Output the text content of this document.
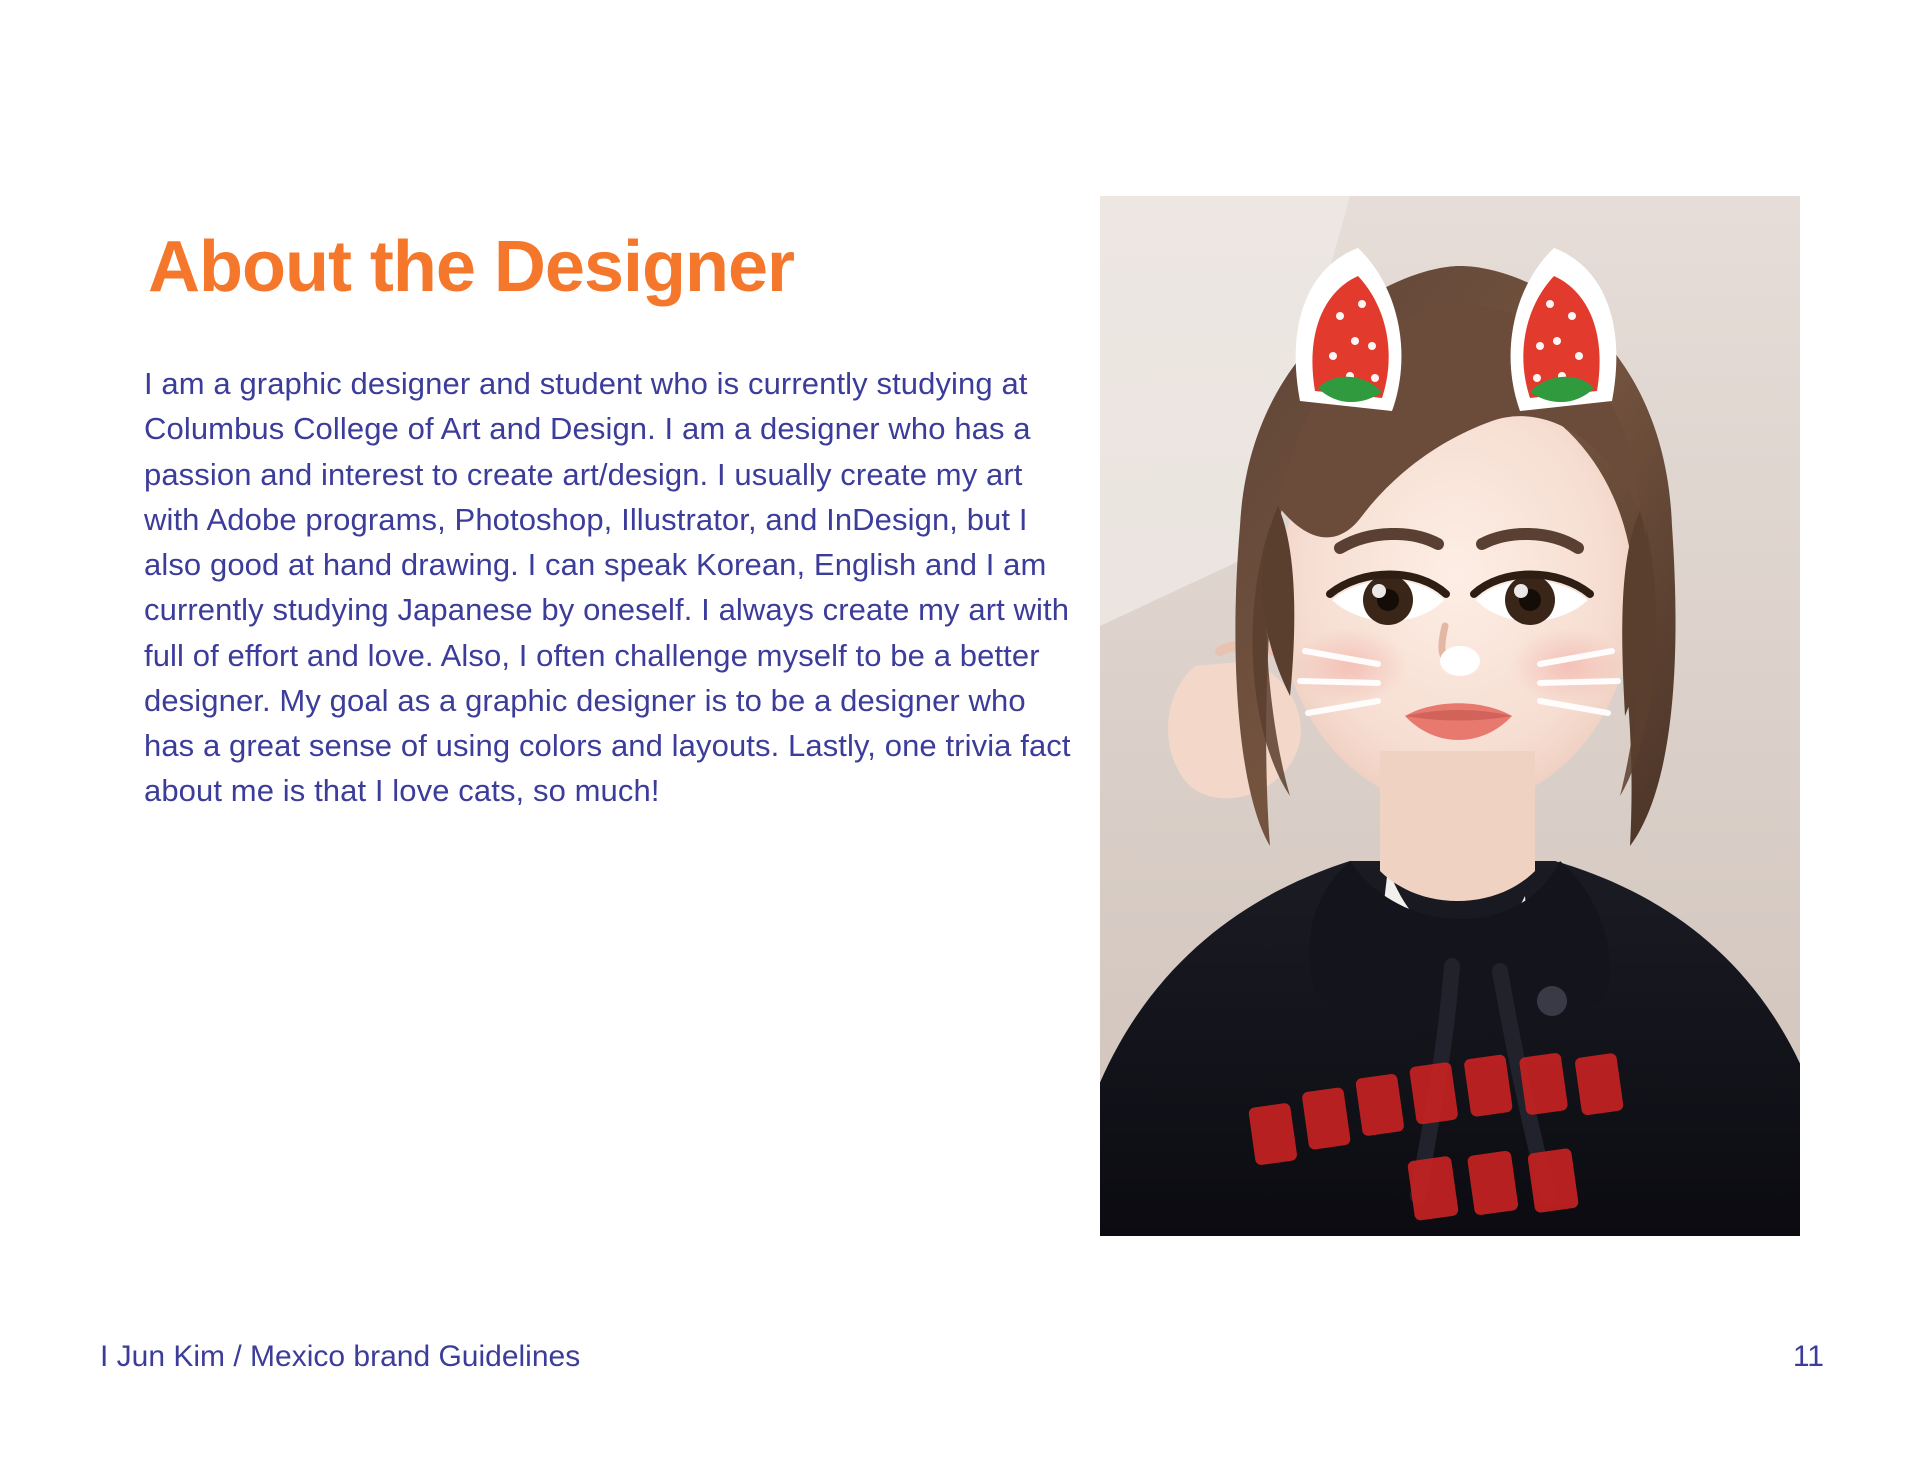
About the Designer

I am a graphic designer and student who is currently studying at Columbus College of Art and Design. I am a designer who has a passion and interest to create art/design. I usually create my art with Adobe programs, Photoshop, Illustrator, and InDesign, but I also good at hand drawing. I can speak Korean, English and I am currently studying Japanese by oneself. I always create my art with full of effort and love. Also, I often challenge myself to be a better designer. My goal as a graphic designer is to be a designer who has a great sense of using colors and layouts. Lastly, one trivia fact about me is that I love cats, so much!

I Jun Kim / Mexico brand Guidelines	11
